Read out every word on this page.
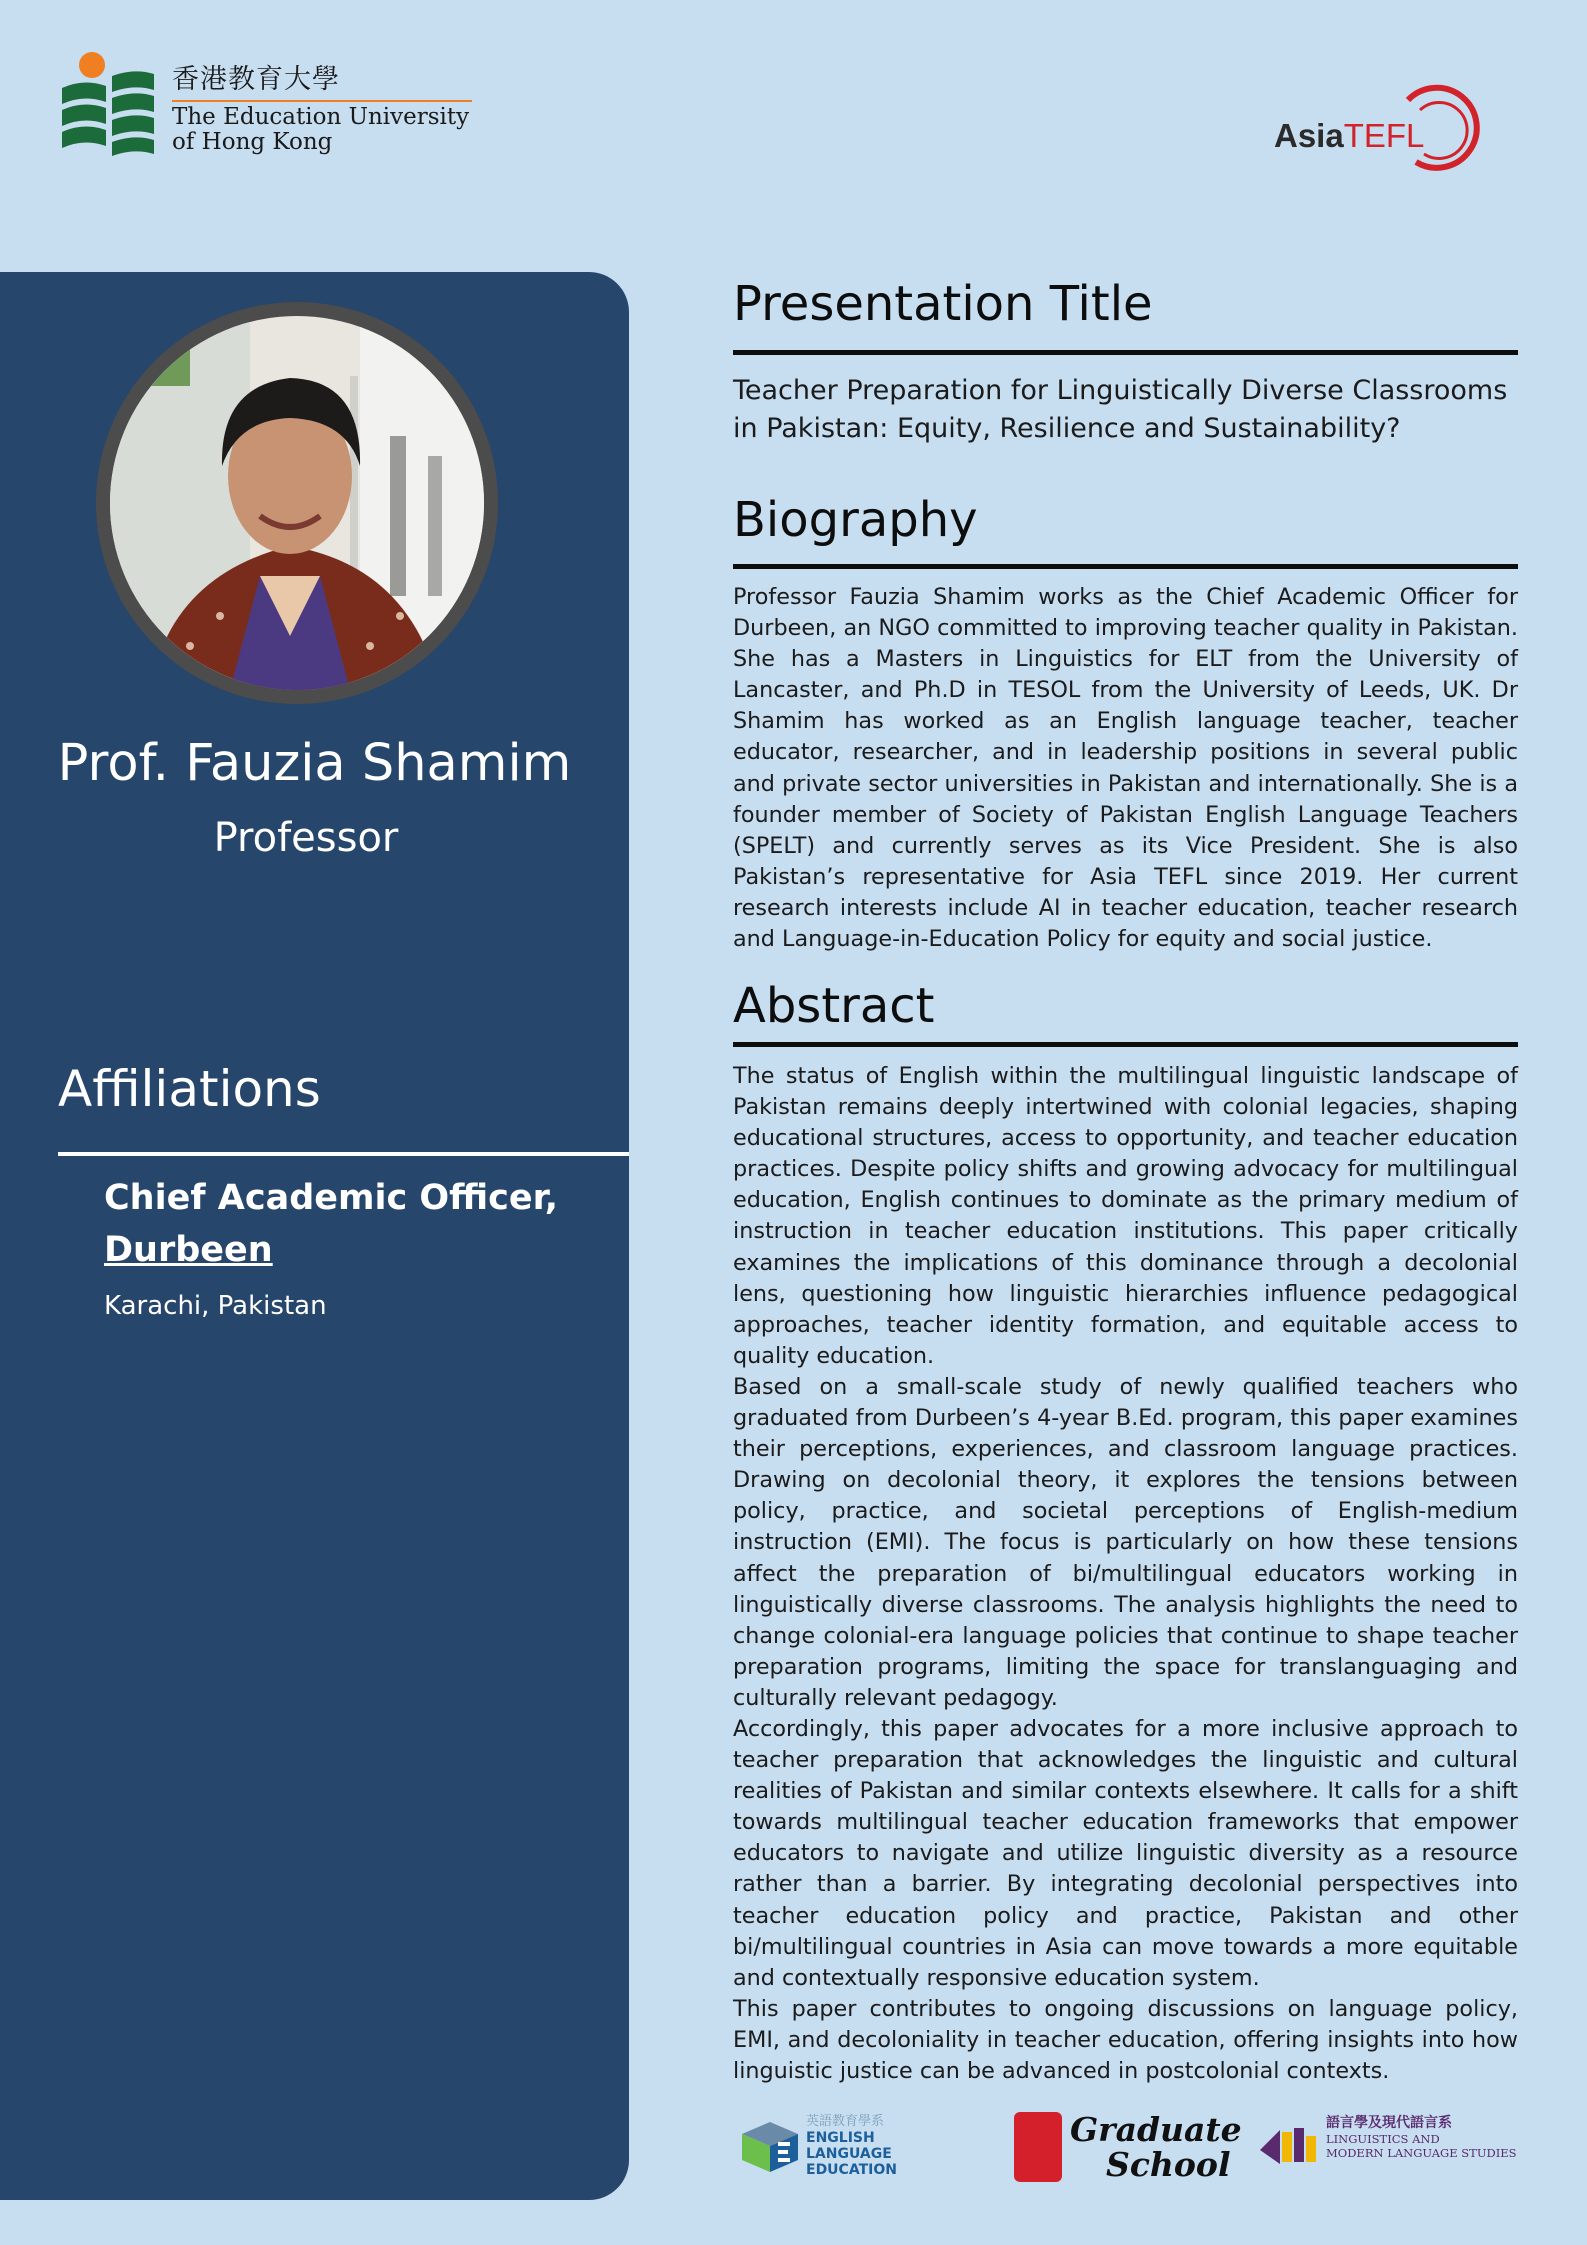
香港教育大學
The Education University
of Hong Kong	AsiaTEFL
Prof. Fauzia Shamim
Professor
Affiliations
Chief Academic Officer,
Durbeen
Karachi, Pakistan
Presentation Title
Teacher Preparation for Linguistically Diverse Classrooms in Pakistan: Equity, Resilience and Sustainability?
Biography
Professor Fauzia Shamim works as the Chief Academic Officer for Durbeen, an NGO committed to improving teacher quality in Pakistan. She has a Masters in Linguistics for ELT from the University of Lancaster, and Ph.D in TESOL from the University of Leeds, UK. Dr Shamim has worked as an English language teacher, teacher educator, researcher, and in leadership positions in several public and private sector universities in Pakistan and internationally. She is a founder member of Society of Pakistan English Language Teachers (SPELT) and currently serves as its Vice President. She is also Pakistan’s representative for Asia TEFL since 2019. Her current research interests include AI in teacher education, teacher research and Language-in-Education Policy for equity and social justice.
Abstract

The status of English within the multilingual linguistic landscape of Pakistan remains deeply intertwined with colonial legacies, shaping educational structures, access to opportunity, and teacher education practices. Despite policy shifts and growing advocacy for multilingual education, English continues to dominate as the primary medium of instruction in teacher education institutions. This paper critically examines the implications of this dominance through a decolonial lens, questioning how linguistic hierarchies influence pedagogical approaches, teacher identity formation, and equitable access to quality education.

Based on a small-scale study of newly qualified teachers who graduated from Durbeen’s 4-year B.Ed. program, this paper examines their perceptions, experiences, and classroom language practices. Drawing on decolonial theory, it explores the tensions between policy, practice, and societal perceptions of English-medium instruction (EMI). The focus is particularly on how these tensions affect the preparation of bi/multilingual educators working in linguistically diverse classrooms. The analysis highlights the need to change colonial-era language policies that continue to shape teacher preparation programs, limiting the space for translanguaging and culturally relevant pedagogy.

Accordingly, this paper advocates for a more inclusive approach to teacher preparation that acknowledges the linguistic and cultural realities of Pakistan and similar contexts elsewhere. It calls for a shift towards multilingual teacher education frameworks that empower educators to navigate and utilize linguistic diversity as a resource rather than a barrier. By integrating decolonial perspectives into teacher education policy and practice, Pakistan and other bi/multilingual countries in Asia can move towards a more equitable and contextually responsive education system.

This paper contributes to ongoing discussions on language policy, EMI, and decoloniality in teacher education, offering insights into how linguistic justice can be advanced in postcolonial contexts.

英語教育學系
ENGLISH LANGUAGE
EDUCATION
Graduate
School
語言學及現代語言系
LINGUISTICS AND
MODERN LANGUAGE STUDIES
